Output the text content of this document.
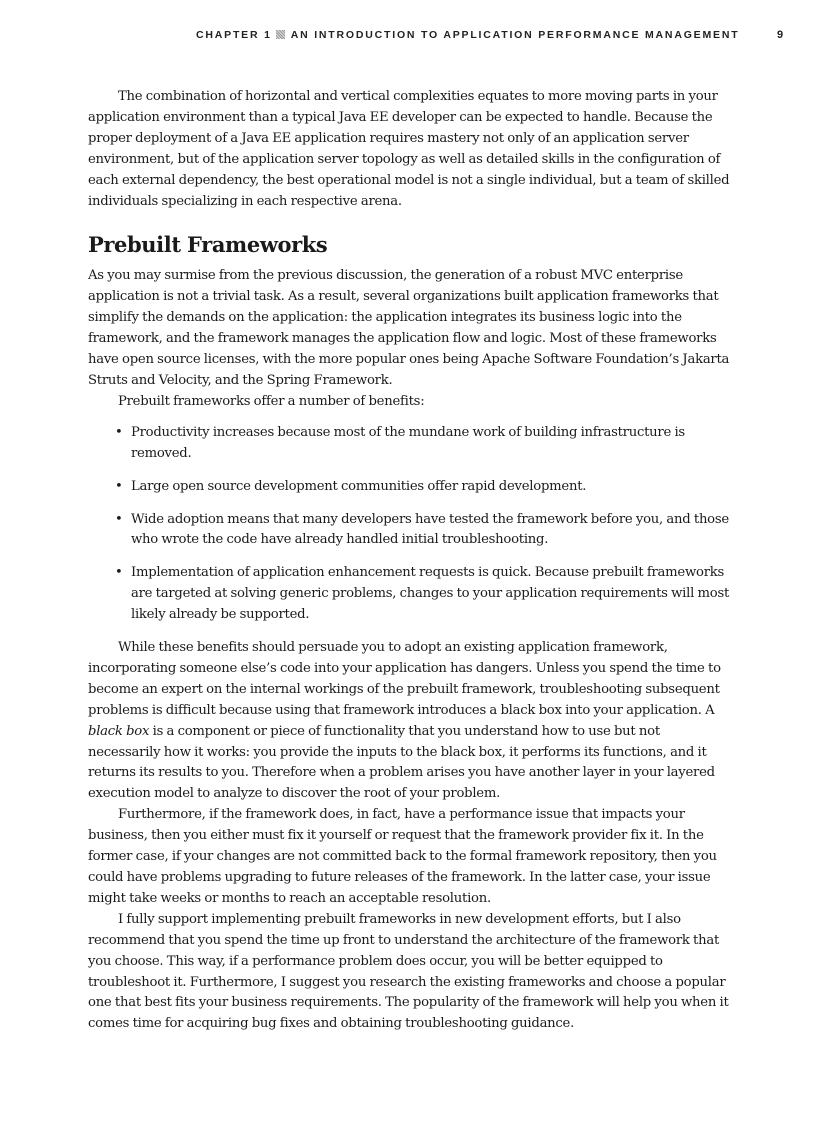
CHAPTER 1 AN INTRODUCTION TO APPLICATION PERFORMANCE MANAGEMENT	9

The combination of horizontal and vertical complexities equates to more moving parts in your application environment than a typical Java EE developer can be expected to handle. Because the proper deployment of a Java EE application requires mastery not only of an application server environment, but of the application server topology as well as detailed skills in the configuration of each external dependency, the best operational model is not a single individual, but a team of skilled individuals specializing in each respective arena.

Prebuilt Frameworks

As you may surmise from the previous discussion, the generation of a robust MVC enterprise application is not a trivial task. As a result, several organizations built application frameworks that simplify the demands on the application: the application integrates its business logic into the framework, and the framework manages the application flow and logic. Most of these frameworks have open source licenses, with the more popular ones being Apache Software Foundation’s Jakarta Struts and Velocity, and the Spring Framework.

Prebuilt frameworks offer a number of benefits:

• Productivity increases because most of the mundane work of building infrastructure is removed.
• Large open source development communities offer rapid development.
• Wide adoption means that many developers have tested the framework before you, and those who wrote the code have already handled initial troubleshooting.
• Implementation of application enhancement requests is quick. Because prebuilt frameworks are targeted at solving generic problems, changes to your application requirements will most likely already be supported.

While these benefits should persuade you to adopt an existing application framework, incorporating someone else’s code into your application has dangers. Unless you spend the time to become an expert on the internal workings of the prebuilt framework, troubleshooting subsequent problems is difficult because using that framework introduces a black box into your application. A black box is a component or piece of functionality that you understand how to use but not necessarily how it works: you provide the inputs to the black box, it performs its functions, and it returns its results to you. Therefore when a problem arises you have another layer in your layered execution model to analyze to discover the root of your problem.

Furthermore, if the framework does, in fact, have a performance issue that impacts your business, then you either must fix it yourself or request that the framework provider fix it. In the former case, if your changes are not committed back to the formal framework repository, then you could have problems upgrading to future releases of the framework. In the latter case, your issue might take weeks or months to reach an acceptable resolution.

I fully support implementing prebuilt frameworks in new development efforts, but I also recommend that you spend the time up front to understand the architecture of the framework that you choose. This way, if a performance problem does occur, you will be better equipped to troubleshoot it. Furthermore, I suggest you research the existing frameworks and choose a popular one that best fits your business requirements. The popularity of the framework will help you when it comes time for acquiring bug fixes and obtaining troubleshooting guidance.
